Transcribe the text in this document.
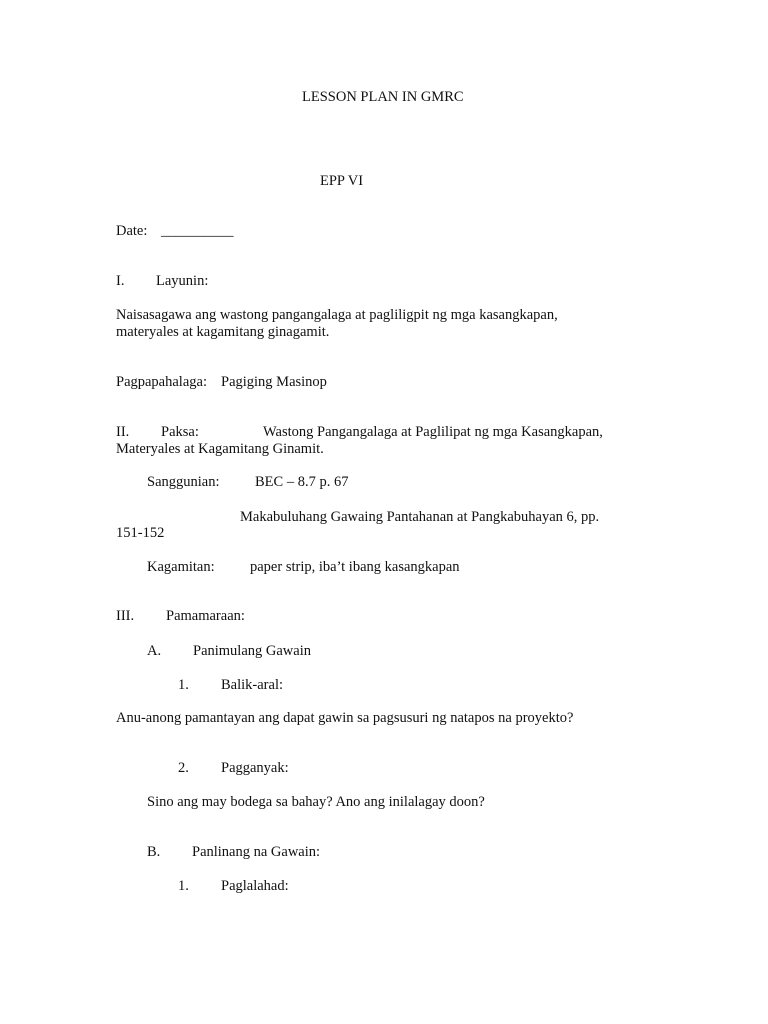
LESSON PLAN IN GMRC
EPP VI
Date: __________
I. Layunin:
Naisasagawa ang wastong pangangalaga at pagliligpit ng mga kasangkapan,
materyales at kagamitang ginagamit.
Pagpapahalaga: Pagiging Masinop
II. Paksa:	Wastong Pangangalaga at Paglilipat ng mga Kasangkapan,
Materyales at Kagamitang Ginamit.
Sanggunian: BEC – 8.7 p. 67
Makabuluhang Gawaing Pantahanan at Pangkabuhayan 6, pp.
151-152
Kagamitan: paper strip, iba’t ibang kasangkapan
III. Pamamaraan:
A. Panimulang Gawain
1. Balik-aral:
Anu-anong pamantayan ang dapat gawin sa pagsusuri ng natapos na proyekto?
2. Pagganyak:
Sino ang may bodega sa bahay? Ano ang inilalagay doon?
B. Panlinang na Gawain:
1. Paglalahad:
